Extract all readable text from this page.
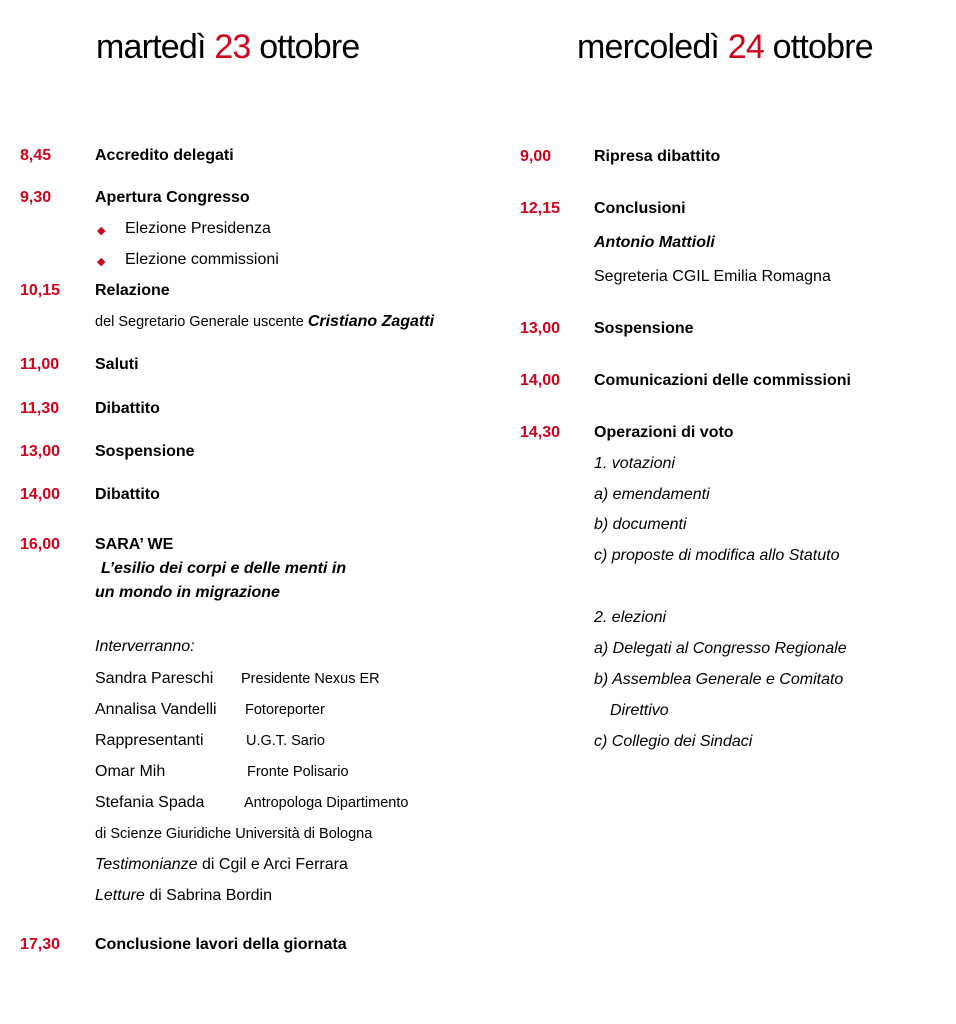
martedì 23 ottobre	mercoledì 24 ottobre
8,45	Accredito delegati
9,30	Apertura Congresso
◆ Elezione Presidenza
◆ Elezione commissioni
10,15 Relazione
del Segretario Generale uscente Cristiano Zagatti
11,00 Saluti
11,30 Dibattito
13,00 Sospensione
14,00 Dibattito
16,00 SARA’ WE
L’esilio dei corpi e delle menti in
un mondo in migrazione
Interverranno:
Sandra Pareschi Presidente Nexus ER
Annalisa Vandelli Fotoreporter
Rappresentanti	U.G.T. Sario
Omar Mih	Fronte Polisario
Stefania Spada	Antropologa Dipartimento
di Scienze Giuridiche Università di Bologna
Testimonianze di Cgil e Arci Ferrara
Letture di Sabrina Bordin
17,30 Conclusione lavori della giornata
9,00	Ripresa dibattito
12,15 Conclusioni
Antonio Mattioli
Segreteria CGIL Emilia Romagna
13,00 Sospensione
14,00 Comunicazioni delle commissioni
14,30 Operazioni di voto
1. votazioni
a) emendamenti
b) documenti
c) proposte di modifica allo Statuto
2. elezioni
a) Delegati al Congresso Regionale
b) Assemblea Generale e Comitato
Direttivo
c) Collegio dei Sindaci
